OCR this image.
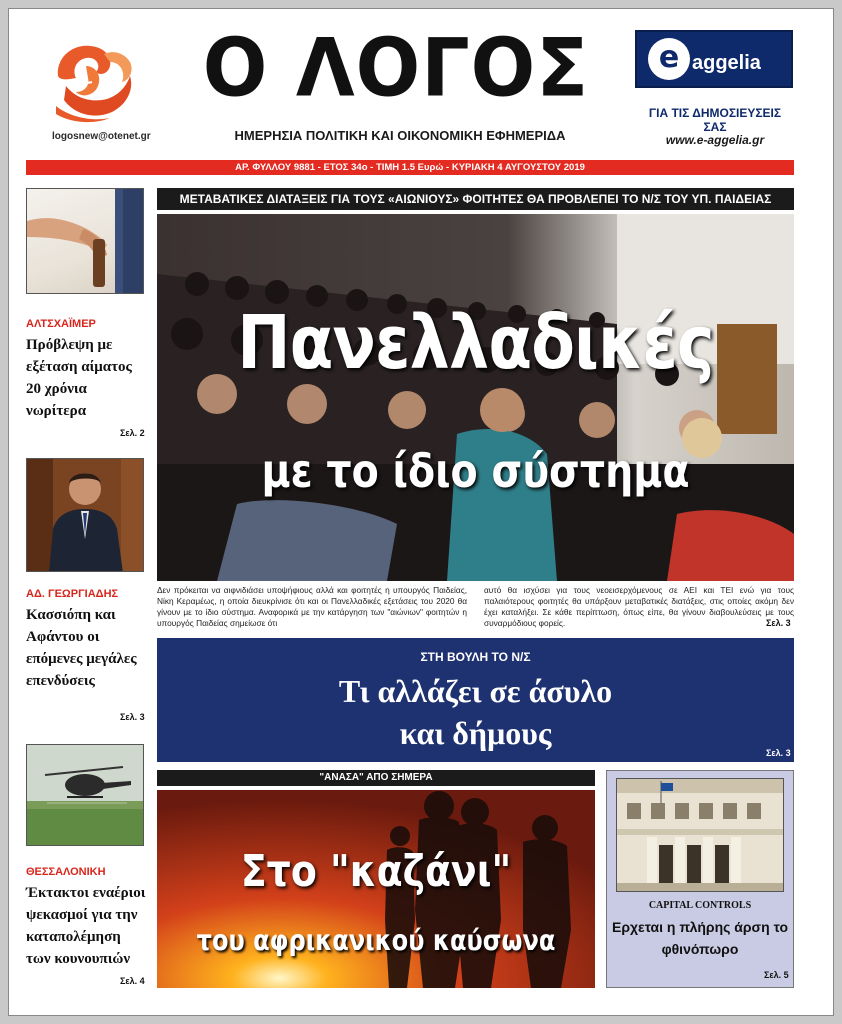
logosnew@otenet.gr
Ο ΛΟΓΟΣ
ΗΜΕΡΗΣΙΑ ΠΟΛΙΤΙΚΗ ΚΑΙ ΟΙΚΟΝΟΜΙΚΗ ΕΦΗΜΕΡΙΔΑ
e aggelia
ΓΙΑ ΤΙΣ ΔΗΜΟΣΙΕΥΣΕΙΣ ΣΑΣ
www.e-aggelia.gr
ΑΡ. ΦΥΛΛΟΥ 9881 - ΕΤΟΣ 34ο - ΤΙΜΗ 1.5 Ευρώ - ΚΥΡΙΑΚΗ 4 ΑΥΓΟΥΣΤΟΥ 2019
ΑΛΤΣΧΑΪΜΕΡ
Πρόβλεψη με εξέταση αίματος 20 χρόνια νωρίτερα
Σελ. 2
ΑΔ. ΓΕΩΡΓΙΑΔΗΣ
Κασσιόπη και Αφάντου οι επόμενες μεγάλες επενδύσεις
Σελ. 3
ΘΕΣΣΑΛΟΝΙΚΗ
Έκτακτοι εναέριοι ψεκασμοί για την καταπολέμηση των κουνουπιών
Σελ. 4
ΜΕΤΑΒΑΤΙΚΕΣ ΔΙΑΤΑΞΕΙΣ ΓΙΑ ΤΟΥΣ «ΑΙΩΝΙΟΥΣ» ΦΟΙΤΗΤΕΣ ΘΑ ΠΡΟΒΛΕΠΕΙ ΤΟ Ν/Σ ΤΟΥ ΥΠ. ΠΑΙΔΕΙΑΣ
Πανελλαδικές
με το ίδιο σύστημα
Δεν πρόκειται να αιφνιδιάσει υποψήφιους αλλά και φοιτητές η υπουργός Παιδείας, Νίκη Κεραμέως, η οποία διευκρίνισε ότι και οι Πανελλαδικές εξετάσεις του 2020 θα γίνουν με το ίδιο σύστημα. Αναφορικά με την κατάργηση των "αιώνιων" φοιτητών η υπουργός Παιδείας σημείωσε ότι
αυτό θα ισχύσει για τους νεοεισερχόμενους σε ΑΕΙ και ΤΕΙ ενώ για τους παλαιότερους φοιτητές θα υπάρξουν μεταβατικές διατάξεις, στις οποίες ακόμη δεν έχει καταλήξει. Σε κάθε περίπτωση, όπως είπε, θα γίνουν διαβουλεύσεις με τους συναρμόδιους φορείς.	Σελ. 3
ΣΤΗ ΒΟΥΛΗ ΤΟ Ν/Σ
Τι αλλάζει σε άσυλο
και δήμους
Σελ. 3
"ΑΝΑΣΑ" ΑΠΟ ΣΗΜΕΡΑ
Στο "καζάνι"
του αφρικανικού καύσωνα
CAPITAL CONTROLS
Ερχεται η πλήρης άρση το φθινόπωρο
Σελ. 5
